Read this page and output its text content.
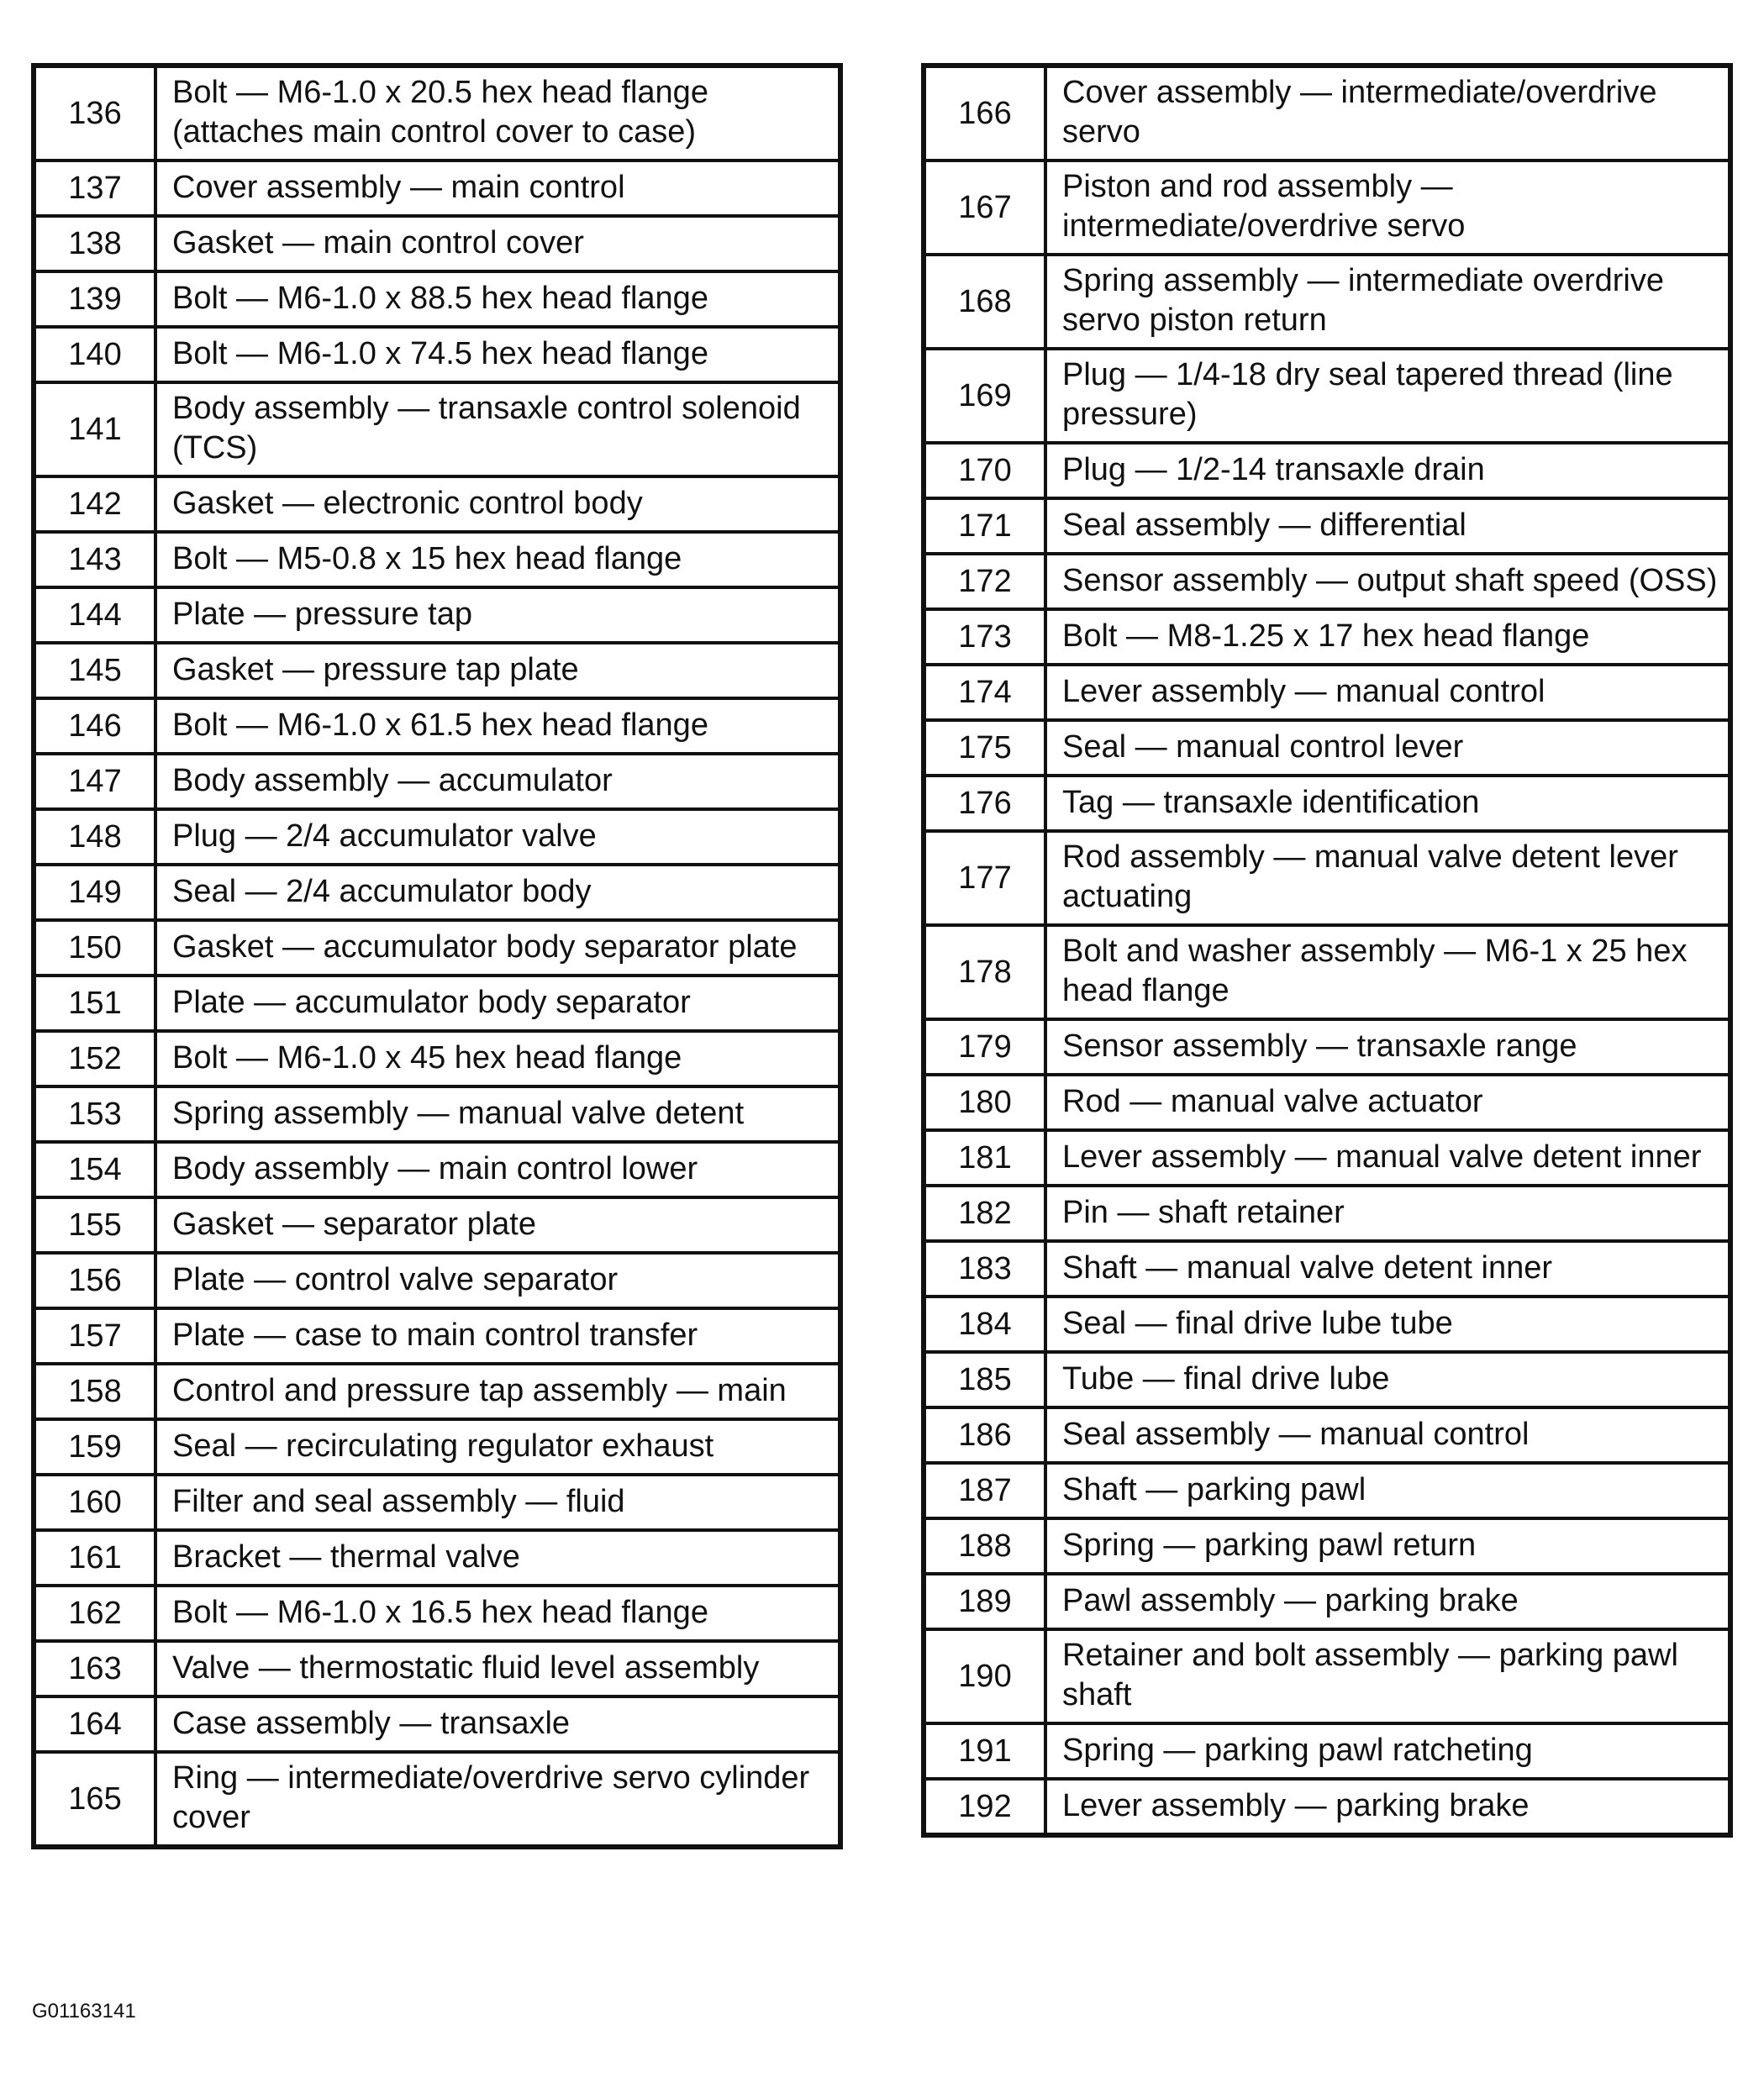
136	Bolt — M6-1.0 x 20.5 hex head flange (attaches main control cover to case)
137	Cover assembly — main control
138	Gasket — main control cover
139	Bolt — M6-1.0 x 88.5 hex head flange
140	Bolt — M6-1.0 x 74.5 hex head flange
141	Body assembly — transaxle control solenoid (TCS)
142	Gasket — electronic control body
143	Bolt — M5-0.8 x 15 hex head flange
144	Plate — pressure tap
145	Gasket — pressure tap plate
146	Bolt — M6-1.0 x 61.5 hex head flange
147	Body assembly — accumulator
148	Plug — 2/4 accumulator valve
149	Seal — 2/4 accumulator body
150	Gasket — accumulator body separator plate
151	Plate — accumulator body separator
152	Bolt — M6-1.0 x 45 hex head flange
153	Spring assembly — manual valve detent
154	Body assembly — main control lower
155	Gasket — separator plate
156	Plate — control valve separator
157	Plate — case to main control transfer
158	Control and pressure tap assembly — main
159	Seal — recirculating regulator exhaust
160	Filter and seal assembly — fluid
161	Bracket — thermal valve
162	Bolt — M6-1.0 x 16.5 hex head flange
163	Valve — thermostatic fluid level assembly
164	Case assembly — transaxle
165	Ring — intermediate/overdrive servo cylinder cover
166	Cover assembly — intermediate/overdrive servo
167	Piston and rod assembly — intermediate/overdrive servo
168	Spring assembly — intermediate overdrive servo piston return
169	Plug — 1/4-18 dry seal tapered thread (line pressure)
170	Plug — 1/2-14 transaxle drain
171	Seal assembly — differential
172	Sensor assembly — output shaft speed (OSS)
173	Bolt — M8-1.25 x 17 hex head flange
174	Lever assembly — manual control
175	Seal — manual control lever
176	Tag — transaxle identification
177	Rod assembly — manual valve detent lever actuating
178	Bolt and washer assembly — M6-1 x 25 hex head flange
179	Sensor assembly — transaxle range
180	Rod — manual valve actuator
181	Lever assembly — manual valve detent inner
182	Pin — shaft retainer
183	Shaft — manual valve detent inner
184	Seal — final drive lube tube
185	Tube — final drive lube
186	Seal assembly — manual control
187	Shaft — parking pawl
188	Spring — parking pawl return
189	Pawl assembly — parking brake
190	Retainer and bolt assembly — parking pawl shaft
191	Spring — parking pawl ratcheting
192	Lever assembly — parking brake
G01163141
